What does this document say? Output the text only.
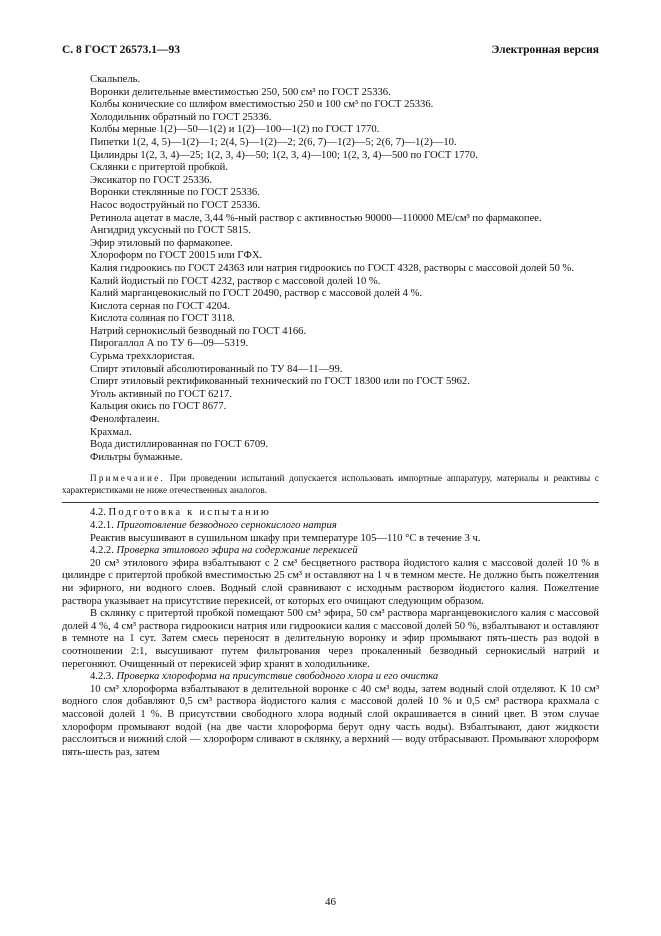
С. 8 ГОСТ 26573.1—93	Электронная версия

Скальпель.

Воронки делительные вместимостью 250, 500 см³ по ГОСТ 25336.

Колбы конические со шлифом вместимостью 250 и 100 см³ по ГОСТ 25336.

Холодильник обратный по ГОСТ 25336.

Колбы мерные 1(2)—50—1(2) и 1(2)—100—1(2) по ГОСТ 1770.

Пипетки 1(2, 4, 5)—1(2)—1; 2(4, 5)—1(2)—2; 2(6, 7)—1(2)—5; 2(6, 7)—1(2)—10.

Цилиндры 1(2, 3, 4)—25; 1(2, 3, 4)—50; 1(2, 3, 4)—100; 1(2, 3, 4)—500 по ГОСТ 1770.

Склянки с притертой пробкой.

Эксикатор по ГОСТ 25336.

Воронки стеклянные по ГОСТ 25336.

Насос водоструйный по ГОСТ 25336.

Ретинола ацетат в масле, 3,44 %-ный раствор с активностью 90000—110000 МЕ/см³ по фармакопее.

Ангидрид уксусный по ГОСТ 5815.

Эфир этиловый по фармакопее.

Хлороформ по ГОСТ 20015 или ГФХ.

Калия гидроокись по ГОСТ 24363 или натрия гидроокись по ГОСТ 4328, растворы с массовой долей 50 %.

Калий йодистый по ГОСТ 4232, раствор с массовой долей 10 %.

Калий марганцевокислый по ГОСТ 20490, раствор с массовой долей 4 %.

Кислота серная по ГОСТ 4204.

Кислота соляная по ГОСТ 3118.

Натрий сернокислый безводный по ГОСТ 4166.

Пирогаллол А по ТУ 6—09—5319.

Сурьма треххлористая.

Спирт этиловый абсолютированный по ТУ 84—11—99.

Спирт этиловый ректификованный технический по ГОСТ 18300 или по ГОСТ 5962.

Уголь активный по ГОСТ 6217.

Кальция окись по ГОСТ 8677.

Фенолфталеин.

Крахмал.

Вода дистиллированная по ГОСТ 6709.

Фильтры бумажные.

Примечание. При проведении испытаний допускается использовать импортные аппаратуру, материалы и реактивы с характеристиками не ниже отечественных аналогов.

4.2. Подготовка к испытанию

4.2.1. Приготовление безводного сернокислого натрия

Реактив высушивают в сушильном шкафу при температуре 105—110 °С в течение 3 ч.

4.2.2. Проверка этилового эфира на содержание перекисей

20 см³ этилового эфира взбалтывают с 2 см³ бесцветного раствора йодистого калия с массовой долей 10 % в цилиндре с притертой пробкой вместимостью 25 см³ и оставляют на 1 ч в темном месте. Не должно быть пожелтения ни эфирного, ни водного слоев. Водный слой сравнивают с исходным раствором йодистого калия. Пожелтение раствора указывает на присутствие перекисей, от которых его очищают следующим образом.

В склянку с притертой пробкой помещают 500 см³ эфира, 50 см³ раствора марганцевокислого калия с массовой долей 4 %, 4 см³ раствора гидроокиси натрия или гидроокиси калия с массовой долей 50 %, взбалтывают и оставляют в темноте на 1 сут. Затем смесь переносят в делительную воронку и эфир промывают пять-шесть раз водой в соотношении 2:1, высушивают путем фильтрования через прокаленный безводный сернокислый натрий и перегоняют. Очищенный от перекисей эфир хранят в холодильнике.

4.2.3. Проверка хлороформа на присутствие свободного хлора и его очистка

10 см³ хлороформа взбалтывают в делительной воронке с 40 см³ воды, затем водный слой отделяют. К 10 см³ водного слоя добавляют 0,5 см³ раствора йодистого калия с массовой долей 10 % и 0,5 см³ раствора крахмала с массовой долей 1 %. В присутствии свободного хлора водный слой окрашивается в синий цвет. В этом случае хлороформ промывают водой (на две части хлороформа берут одну часть воды). Взбалтывают, дают жидкости расслоиться и нижний слой — хлороформ сливают в склянку, а верхний — воду отбрасывают. Промывают хлороформ пять-шесть раз, затем

46
